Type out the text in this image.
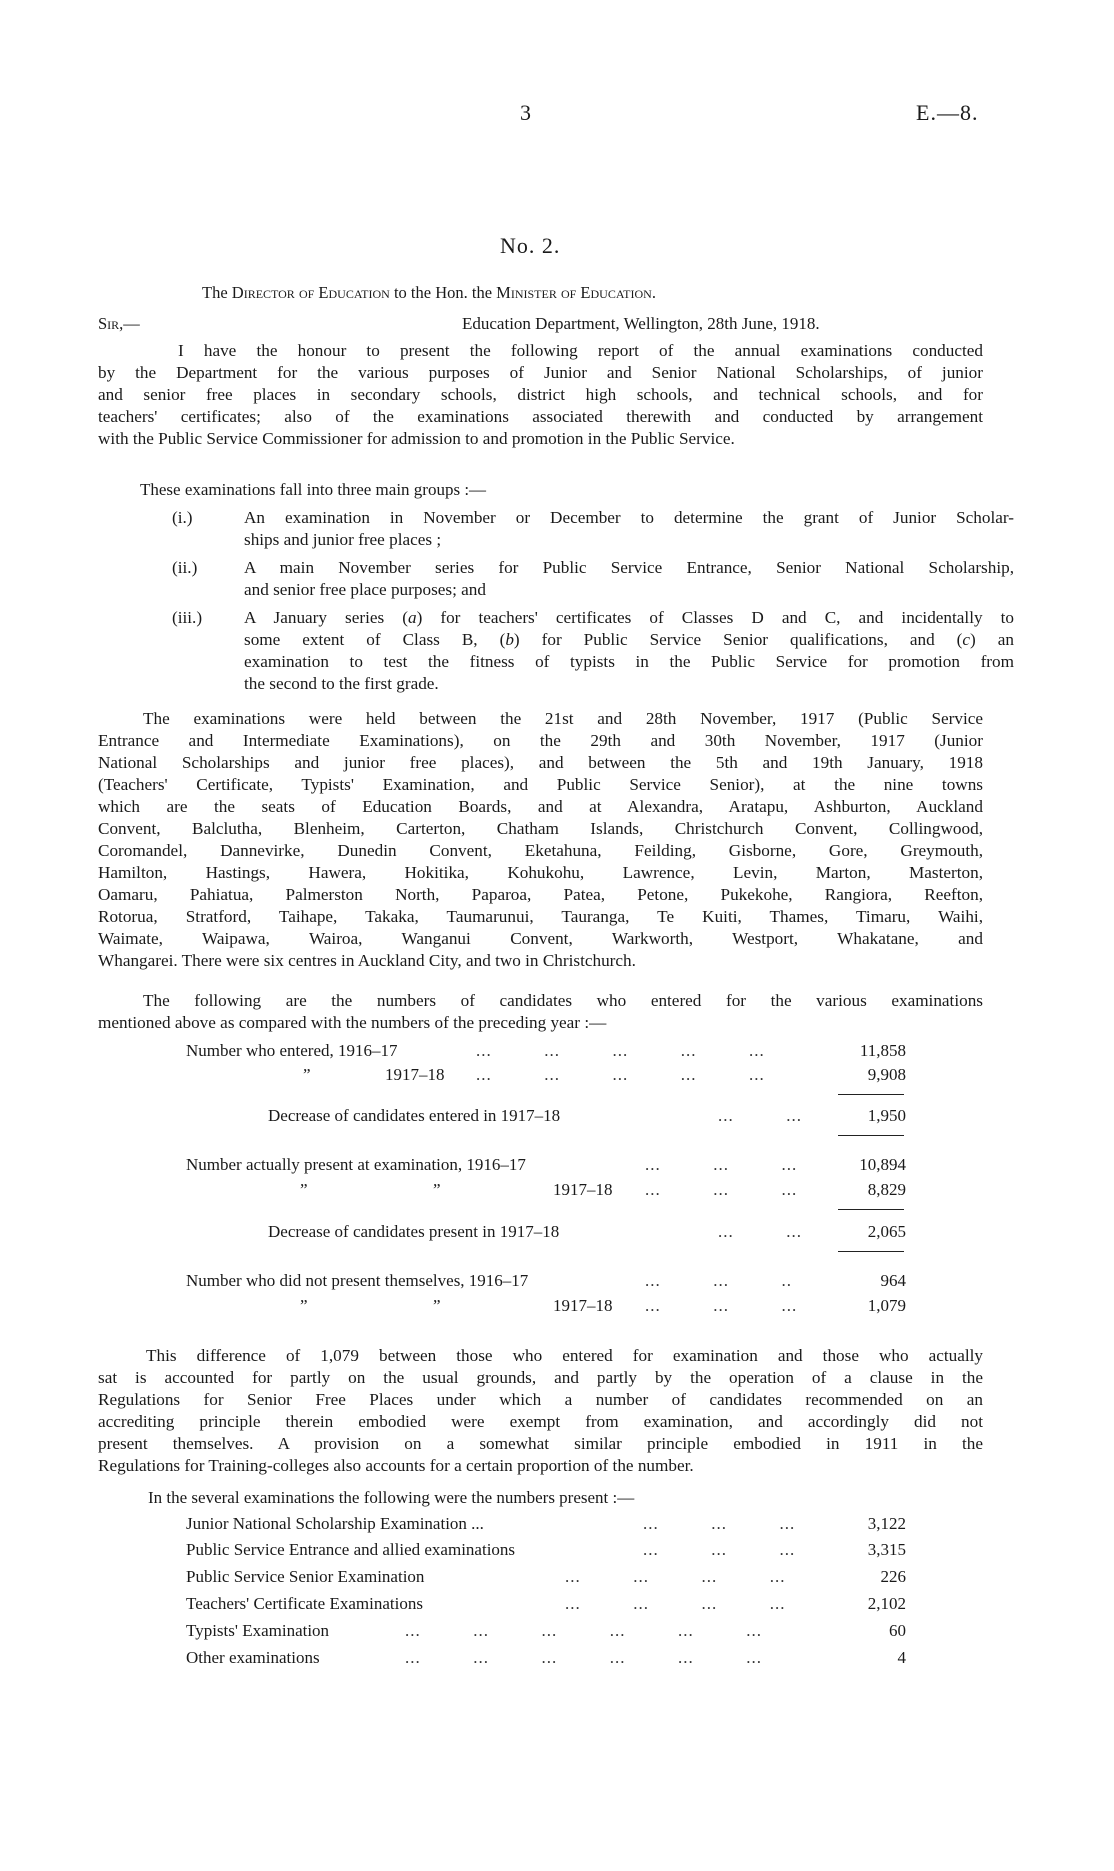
3	E.—8.
No. 2.
The Director of Education to the Hon. the Minister of Education.
Sir,—	Education Department, Wellington, 28th June, 1918.
I have the honour to present the following report of the annual examinations conducted
by the Department for the various purposes of Junior and Senior National Scholarships, of junior
and senior free places in secondary schools, district high schools, and technical schools, and for
teachers' certificates; also of the examinations associated therewith and conducted by arrangement
with the Public Service Commissioner for admission to and promotion in the Public Service.
These examinations fall into three main groups :—
(i.)	An examination in November or December to determine the grant of Junior Scholar-
ships and junior free places ;
(ii.)	A main November series for Public Service Entrance, Senior National Scholarship,
and senior free place purposes; and
(iii.) A January series (a) for teachers' certificates of Classes D and C, and incidentally to
some extent of Class B, (b) for Public Service Senior qualifications, and (c) an
examination to test the fitness of typists in the Public Service for promotion from
the second to the first grade.
The examinations were held between the 21st and 28th November, 1917 (Public Service
Entrance and Intermediate Examinations), on the 29th and 30th November, 1917 (Junior
National Scholarships and junior free places), and between the 5th and 19th January, 1918
(Teachers' Certificate, Typists' Examination, and Public Service Senior), at the nine towns
which are the seats of Education Boards, and at Alexandra, Aratapu, Ashburton, Auckland
Convent, Balclutha, Blenheim, Carterton, Chatham Islands, Christchurch Convent, Collingwood,
Coromandel, Dannevirke, Dunedin Convent, Eketahuna, Feilding, Gisborne, Gore, Greymouth,
Hamilton, Hastings, Hawera, Hokitika, Kohukohu, Lawrence, Levin, Marton, Masterton,
Oamaru, Pahiatua, Palmerston North, Paparoa, Patea, Petone, Pukekohe, Rangiora, Reefton,
Rotorua, Stratford, Taihape, Takaka, Taumarunui, Tauranga, Te Kuiti, Thames, Timaru, Waihi,
Waimate, Waipawa, Wairoa, Wanganui Convent, Warkworth, Westport, Whakatane, and
Whangarei. There were six centres in Auckland City, and two in Christchurch.
The following are the numbers of candidates who entered for the various examinations
mentioned above as compared with the numbers of the preceding year :—
Number who entered, 1916–17	...          ...          ...          ...          ...	11,858
”	1917–18 ...          ...          ...          ...          ...	9,908
Decrease of candidates entered in 1917–18	...          ...	1,950
Number actually present at examination, 1916–17	...          ...          ...	10,894
”	”	1917–18 ...          ...          ...	8,829
Decrease of candidates present in 1917–18	...          ...	2,065
Number who did not present themselves, 1916–17	...          ...          ..	964
”	”	1917–18 ...          ...          ...	1,079
This difference of 1,079 between those who entered for examination and those who actually
sat is accounted for partly on the usual grounds, and partly by the operation of a clause in the
Regulations for Senior Free Places under which a number of candidates recommended on an
accrediting principle therein embodied were exempt from examination, and accordingly did not
present themselves. A provision on a somewhat similar principle embodied in 1911 in the
Regulations for Training-colleges also accounts for a certain proportion of the number.
In the several examinations the following were the numbers present :—
Junior National Scholarship Examination ...	...          ...          ...	3,122
Public Service Entrance and allied examinations	...          ...          ...	3,315
Public Service Senior Examination	...          ...          ...          ...	226
Teachers' Certificate Examinations	...          ...          ...          ...	2,102
Typists' Examination	...          ...          ...          ...          ...          ...	60
Other examinations	...          ...          ...          ...          ...          ...	4
